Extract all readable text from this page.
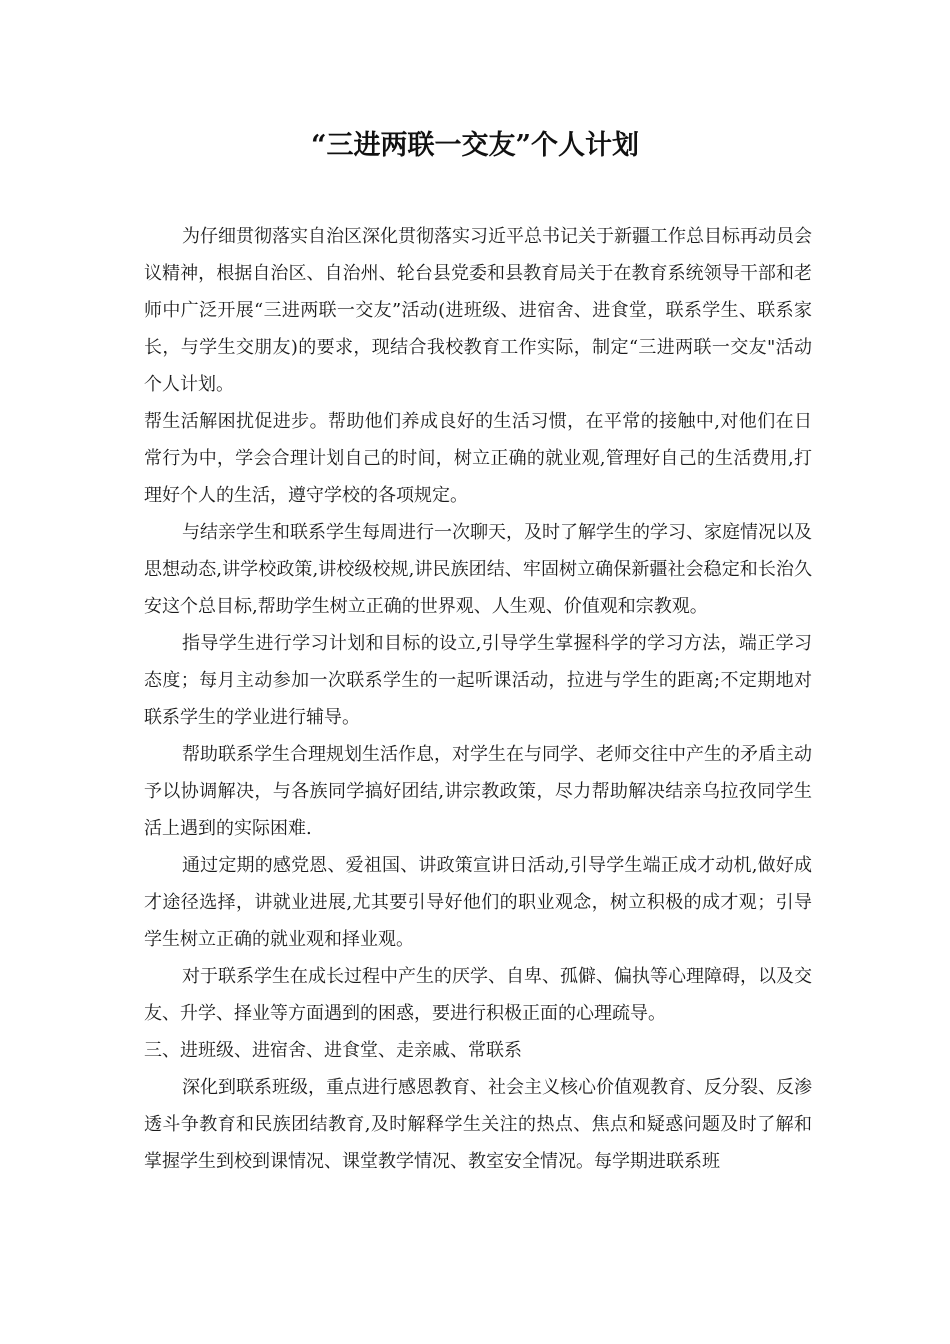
“三进两联一交友”个人计划

为仔细贯彻落实自治区深化贯彻落实习近平总书记关于新疆工作总目标再动员会议精神，根据自治区、自治州、轮台县党委和县教育局关于在教育系统领导干部和老师中广泛开展“三进两联一交友”活动(进班级、进宿舍、进食堂，联系学生、联系家长，与学生交朋友)的要求，现结合我校教育工作实际，制定“三进两联一交友"活动个人计划。

帮生活解困扰促进步。帮助他们养成良好的生活习惯，在平常的接触中,对他们在日常行为中，学会合理计划自己的时间，树立正确的就业观,管理好自己的生活费用,打理好个人的生活，遵守学校的各项规定。

与结亲学生和联系学生每周进行一次聊天，及时了解学生的学习、家庭情况以及思想动态,讲学校政策,讲校级校规,讲民族团结、牢固树立确保新疆社会稳定和长治久安这个总目标,帮助学生树立正确的世界观、人生观、价值观和宗教观。

指导学生进行学习计划和目标的设立,引导学生掌握科学的学习方法，端正学习态度；每月主动参加一次联系学生的一起听课活动，拉进与学生的距离;不定期地对联系学生的学业进行辅导。

帮助联系学生合理规划生活作息，对学生在与同学、老师交往中产生的矛盾主动予以协调解决，与各族同学搞好团结,讲宗教政策，尽力帮助解决结亲乌拉孜同学生活上遇到的实际困难.

通过定期的感党恩、爱祖国、讲政策宣讲日活动,引导学生端正成才动机,做好成才途径选择，讲就业进展,尤其要引导好他们的职业观念，树立积极的成才观；引导学生树立正确的就业观和择业观。

对于联系学生在成长过程中产生的厌学、自卑、孤僻、偏执等心理障碍，以及交友、升学、择业等方面遇到的困惑，要进行积极正面的心理疏导。

三、进班级、进宿舍、进食堂、走亲戚、常联系

深化到联系班级，重点进行感恩教育、社会主义核心价值观教育、反分裂、反渗透斗争教育和民族团结教育,及时解释学生关注的热点、焦点和疑惑问题及时了解和掌握学生到校到课情况、课堂教学情况、教室安全情况。每学期进联系班
